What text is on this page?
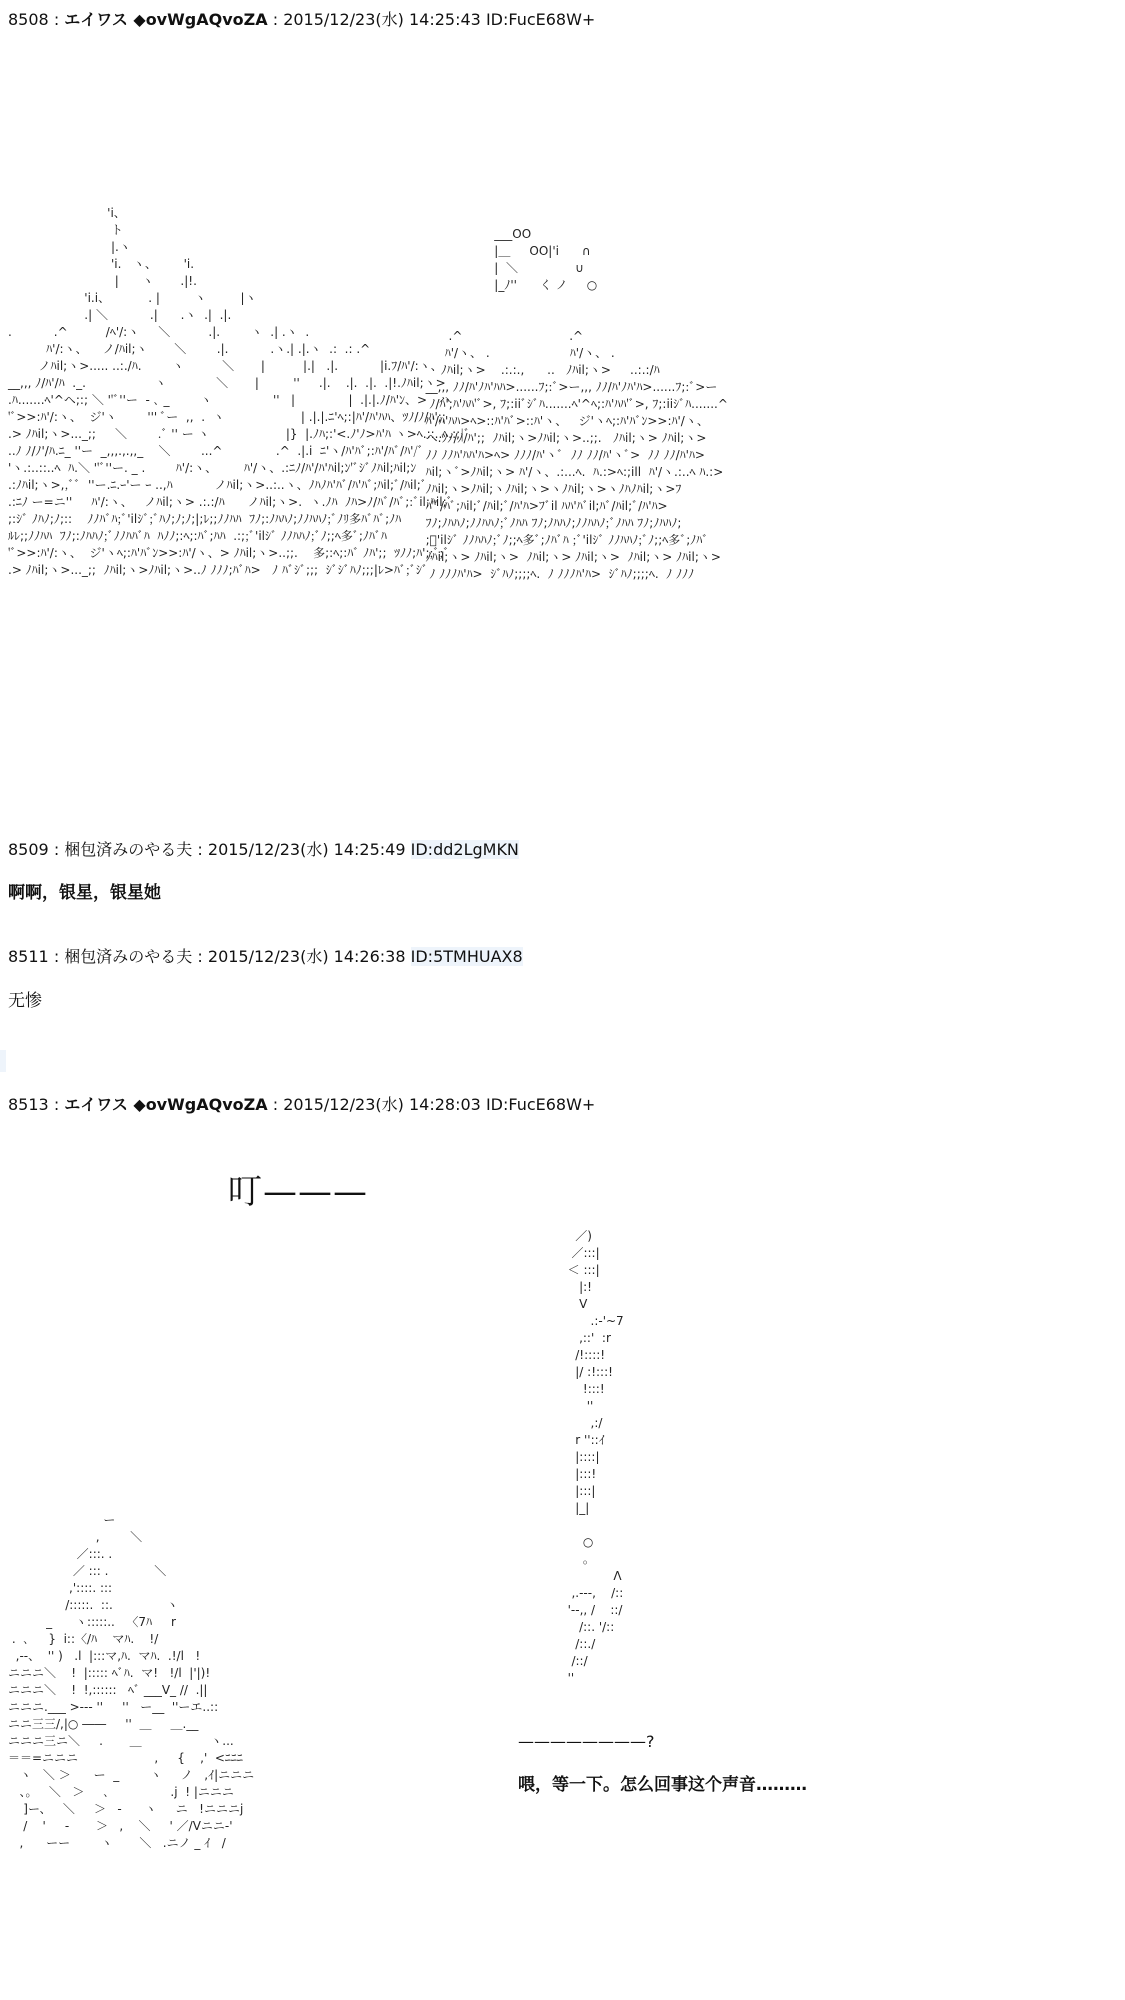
8508 : エイワス ◆ovWgAQvoZA : 2015/12/23(水) 14:25:43 ID:FucE68W+
'i、
ト
|.ヽ
'i.   ヽ、       'i.
|      ヽ       .|!.
'i.i、          . |         ヽ         |ヽ
.| ＼           .|      .ヽ  .|  .|.
.           .^          /ﾍ'/:ヽ     ＼          .|.        ヽ  .| .ヽ  .
ﾊ'/:ヽ、    ノ/ﾊil;ヽ       ＼        .|.           .ヽ.| .|.ヽ  .:  .: .^
ノﾊil;ヽ>..... ..:./ﾊ.        ヽ          ＼       |          |.|   .|.           |i.ﾌ/ﾊ'/:ヽ、
__,,, ﾉ/ﾊ'/ﾊ  ._.                  ヽ             ＼       |         ''     .|.    .|.  .|.  .|!.ﾉﾊil;ヽ>
.ﾊ.......ﾍ'^ヘ;:; ＼ ''ﾞ''ー  - ､ _        ヽ                ''   |              |  .|.|.ﾉ/ﾊ'ﾝ、>   ハ
'ﾞ>>:ﾊ'/:ヽ、  ジ'ヽ        ''' ﾞー  ,,  .  ヽ                    | .|.|.ﾆ'ﾍ;:|ﾊ'/ﾊ'ﾊﾊ、ﾂﾉ/ﾉ/ﾊ';;
.> ﾉﾊil;ヽ>..._;;     ＼        .ﾞ '' ー ヽ                    |}  |.ﾉﾊ;:'<.ﾉ'ﾉ>ﾊ'ﾊ ヽ>ﾍ.::..ﾍ.:;|ﾞ
..ﾉ ﾉ/ﾉ'/ﾊ.ﾆ_ ''ー  _,,,.,.,,_    ＼        ...^              .^  .|.i  ﾆ'ヽ/ﾊ'ﾊﾞ;:ﾊ'/ﾊﾞ/ﾊ'/ﾞ
'ヽ.:..::..ﾍ  ﾊ.＼ ''ﾞ''ー. _ .        ﾊ'/:ヽ、       ﾊ'/ヽ、.:ﾆﾉ/ﾊ'/ﾊ'ﾊil;ﾝ'ﾞｼﾞﾉﾊil;ﾊil;ﾝ
.:ﾉﾊil;ヽ>,,ﾞﾞ  ''ー.ﾆ.ｰ'ー ｰ ..,ﾊ           ノﾊil;ヽ>..:..ヽ、ﾉﾊﾉﾊ'ﾊﾞ/ﾊ'ﾊﾞ;ﾊil;ﾞ/ﾊil;ﾞ
.:ﾆﾉ ー=ニ''     ﾊ'/:ヽ、   ノﾊil;ヽ> .:.:/ﾊ      ノﾊil;ヽ>.  ヽ.ﾉﾊ  ﾉﾊ>ﾉ/ﾊﾞ/ﾊﾞ;:ﾞil;ﾊil;ﾞ
;:ｼﾞ ﾉﾊﾉ;ﾉ;::    ﾉﾉﾊﾞﾊ;ﾞ'ilｼﾞ;ﾞﾊﾉ;ﾉ;ﾉ;|;ﾚ;;ﾉﾉﾊﾊ  ﾌﾉ;:ﾉﾊﾊﾉ;ﾉﾉﾊﾊﾉ;ﾞﾉﾘ多ﾊﾞﾊﾞ;ﾉﾊ
ﾙﾚ;;ﾉﾉﾊﾊ  ﾌﾉ;:ﾉﾊﾊﾉ;ﾞﾉﾉﾊﾊﾞﾊ  ﾊﾉﾉ;:ﾍ;:ﾊﾞ;ﾊﾊ  .:;;ﾞ'ilｼﾞ ﾉﾉﾊﾊﾉ;ﾞﾉ;;ﾍ多ﾞ;ﾉﾊﾞﾊ
'ﾞ>>:ﾊ'/:ヽ、  ジ'ヽﾍ;:ﾊ'ﾊﾞﾝ>>:ﾊ'/ヽ、> ﾉﾊil;ヽ>..;;.    多;:ﾍ;:ﾊﾞ ﾉﾊ';;  ﾂﾉﾉ;ﾊ';;ﾞ;ﾞ
.> ﾉﾊil;ヽ>..._;;  ﾉﾊil;ヽ>ﾉﾊil;ヽ>..ﾉ ﾉﾉﾉ;ﾊﾞﾊ>   ﾉ ﾊﾞｼﾞ;;;  ｼﾞｼﾞﾊﾉ;;;|ﾚ>ﾊﾞ;ﾞｼﾞ
___OO
|＿     OO|'i      ∩
|  ＼               ∪
|_ﾉ''      く ノ     ○

.^                            .^
ﾊ'/ヽ、 .                     ﾊ'/ヽ、 .
ﾉﾊil;ヽ>    .:.:.,      ..   ﾉﾊil;ヽ>     ..:.:/ﾊ
__,,, ﾉﾉ/ﾊ'ﾉﾊ'ﾊﾊ>......ﾌ;:ﾞ>ー,,, ﾉﾉ/ﾊ'ﾉﾊ'ﾊ>......ﾌ;:ﾞ>ー
ﾉ/ﾊ';ﾊ'ﾊﾊ'ﾞ>, ﾌ;:iiﾞｼﾞﾊ.......ﾍ'^ﾍ;:ﾊ'ﾊﾊ'ﾞ>, ﾌ;:iiｼﾞﾊ.......^
ﾊ'/ﾊ'ﾊﾊ>ﾍ>::ﾊ'ﾊﾞ>::ﾊ'ヽ、   ジ'ヽﾍ;:ﾊ'ﾊﾞﾝ>>:ﾊ'/ヽ、
ヘ.ﾂﾉ/ﾉ/ﾊ';;  ﾉﾊil;ヽ>ﾉﾊil;ヽ>..;;.   ﾉﾊil;ヽ> ﾉﾊil;ヽ>
ﾉﾉ ﾉﾉﾊ'ﾊﾊ'ﾊ>ﾍ> ﾉﾉﾉ/ﾊ'ヽﾞ  ﾉﾉ ﾉﾉ/ﾊ'ヽﾞ>  ﾉﾉ ﾉﾉ/ﾊ'ﾊ>
ﾊil;ヽﾞ>ﾉﾊil;ヽ> ﾊ'/ヽ、.:...ﾍ.  ﾊ.:>ﾍ:;ill  ﾊ'/ヽ.:..ﾍ ﾊ.:>
ﾉﾊil;ヽ>ﾉﾊil;ヽﾉﾊil;ヽ>ヽﾉﾊil;ヽ>ヽﾉﾊﾉﾊil;ヽ>ﾌ
ﾊ'ﾞ/ﾊﾞ;ﾊil;ﾞ/ﾊil;ﾞ/ﾊ'ﾊ>ﾌﾞil ﾊﾊ'ﾊﾞil;ﾊﾞ/ﾊil;ﾞ/ﾊ'ﾊ>
ﾌﾉ;ﾉﾊﾊﾉ;ﾉﾉﾊﾊﾉ;ﾞﾉﾊﾊ ﾌﾉ;ﾉﾊﾊﾉ;ﾉﾉﾊﾊﾉ;ﾞﾉﾊﾊ ﾌﾉ;ﾉﾊﾊﾉ;
;ﾞ'ilｼﾞ ﾉﾉﾊﾊﾉ;ﾞﾉ;;ﾍ多ﾞ;ﾉﾊﾞﾊ ;ﾞ'ilｼﾞ ﾉﾉﾊﾊﾉ;ﾞﾉ;;ﾍ多ﾞ;ﾉﾊﾞ
ﾉﾊil;ヽ> ﾉﾊil;ヽ>  ﾉﾊil;ヽ> ﾉﾊil;ヽ>  ﾉﾊil;ヽ> ﾉﾊil;ヽ>
ﾉ ﾉﾉﾉﾊ'ﾊ>  ｼﾞﾊﾉ;;;;ﾍ.  ﾉ ﾉﾉﾉﾊ'ﾊ>  ｼﾞﾊﾉ;;;;ﾍ.  ﾉ ﾉﾉﾉ
8509 : 梱包済みのやる夫 : 2015/12/23(水) 14:25:49 ID:dd2LgMKN
啊啊，银星，银星她
8511 : 梱包済みのやる夫 : 2015/12/23(水) 14:26:38 ID:5TMHUAX8
无惨
8513 : エイワス ◆ovWgAQvoZA : 2015/12/23(水) 14:28:03 ID:FucE68W+
叮———
／)
／:::|
＜ :::|
|:!
V
.:-'~7
,::'  :r
/!::::!
|/ :!:::!
!:::!
''
,:/
r ''::ｲ
|::::|
|:::!
|:::|
|_|

○
。
Λ
,.---,    /::
'--,, /    ::/
/::. '/::
/::./
/::/
''
ー
,        ＼
／:::. .
／ ::: .            ＼
,'::::. :::
/:::::.  ::.              ヽ
_      ヽ:::::..   〈7ﾊ     r
.  ､     }  i::〈/ﾊ    マﾊ.    !/
,--、  '' )   .l  |:::マ,ﾊ.  マﾊ.  .!/l   !
ニニニ＼    !  |::::: ﾍﾞﾊ.  マ!   !/l  |'|)!
ニニニ＼    !  !,::::::   ﾍﾞ ___V_ //  .||
ニニニ.___ >--- ''     ''   ー__  ''ーエ..::
ニニ三三/,|○ ――     ''  ＿     ＿.__
ニニニ三ニ＼     .       ＿                  ヽ...
＝＝=ニニニ                    ,     {    ,'  <ﾆﾆﾆ
ヽ   ＼ ＞      ー  _        ヽ     ノ   ,ｲ|ニニニ
、。   ＼   ＞     ､                .j  ! |ニニニ
]ー、   ＼     ＞   -      ヽ     ニ   !ニニニj
/    '     -       ＞   ,    ＼     ' ／/Vニニ-'
,      ーー        ヽ       ＼   .ニノ _ ｲ   /
————————?
喂，等一下。怎么回事这个声音………
